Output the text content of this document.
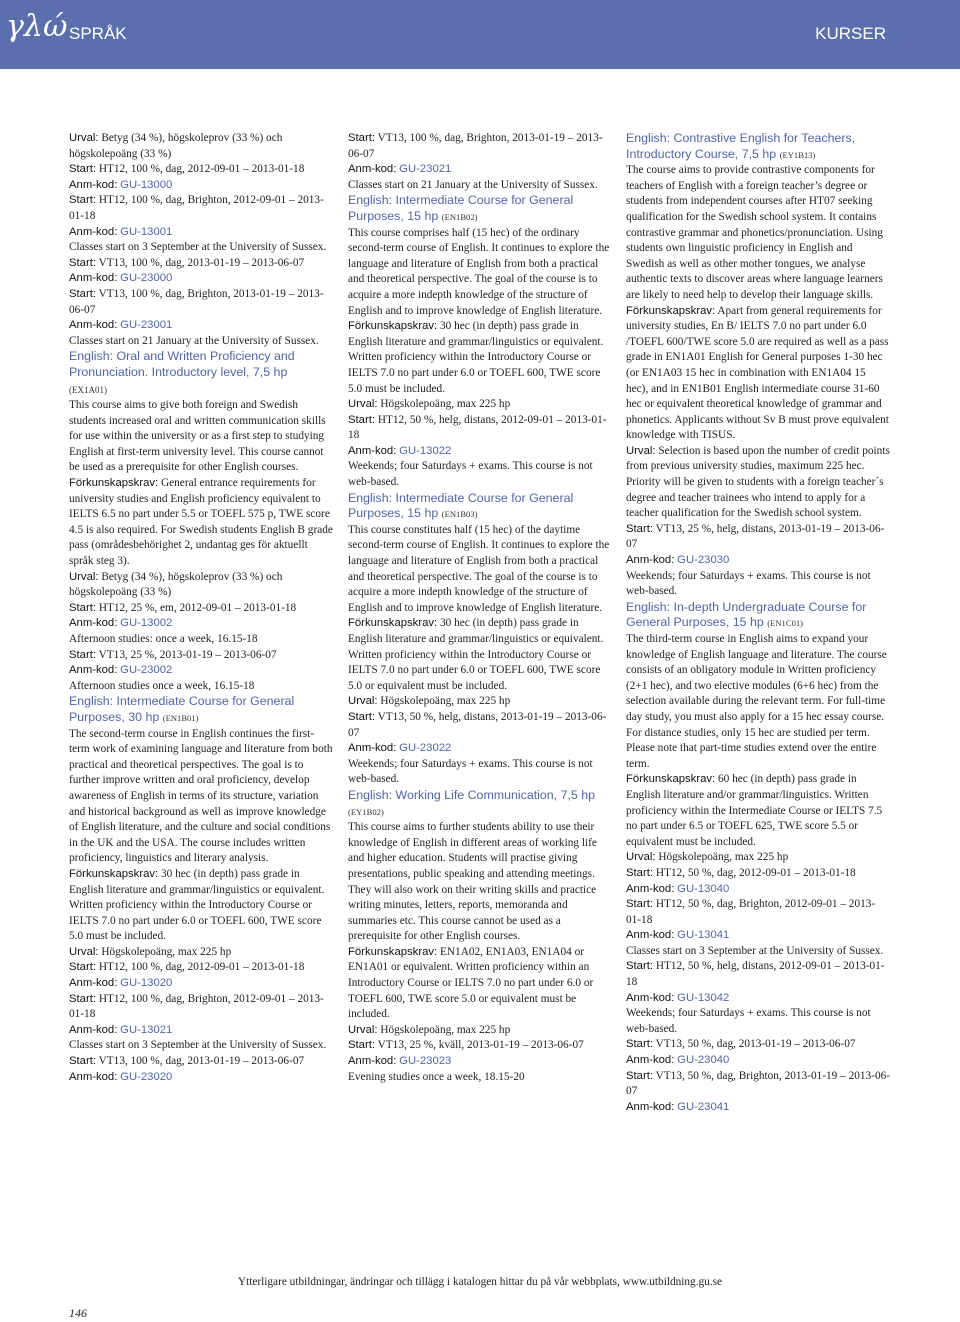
γλώ SPRÅK	KURSER

Urval: Betyg (34 %), högskoleprov (33 %) och högskolepoäng (33 %)

Start: HT12, 100 %, dag, 2012-09-01 – 2013-01-18

Anm-kod: GU-13000

Start: HT12, 100 %, dag, Brighton, 2012-09-01 – 2013-01-18

Anm-kod: GU-13001

Classes start on 3 September at the University of Sussex.

Start: VT13, 100 %, dag, 2013-01-19 – 2013-06-07

Anm-kod: GU-23000

Start: VT13, 100 %, dag, Brighton, 2013-01-19 – 2013-06-07

Anm-kod: GU-23001

Classes start on 21 January at the University of Sussex.

English: Oral and Written Proficiency and Pronunciation. Introductory level, 7,5 hp
(EX1A01)

This course aims to give both foreign and Swedish students increased oral and written communication skills for use within the university or as a first step to studying English at first-term university level. This course cannot be used as a prerequisite for other English courses.

Förkunskapskrav: General entrance requirements for university studies and English proficiency equivalent to IELTS 6.5 no part under 5.5 or TOEFL 575 p, TWE score 4.5 is also required. For Swedish students English B grade pass (områdesbehörighet 2, undantag ges för aktuellt språk steg 3).

Urval: Betyg (34 %), högskoleprov (33 %) och högskolepoäng (33 %)

Start: HT12, 25 %, em, 2012-09-01 – 2013-01-18

Anm-kod: GU-13002

Afternoon studies: once a week, 16.15-18

Start: VT13, 25 %, 2013-01-19 – 2013-06-07

Anm-kod: GU-23002

Afternoon studies once a week, 16.15-18

English: Intermediate Course for General Purposes, 30 hp (EN1B01)

The second-term course in English continues the first-term work of examining language and literature from both practical and theoretical perspectives. The goal is to further improve written and oral proficiency, develop awareness of English in terms of its structure, variation and historical background as well as improve knowledge of English literature, and the culture and social conditions in the UK and the USA. The course includes written proficiency, linguistics and literary analysis.

Förkunskapskrav: 30 hec (in depth) pass grade in English literature and grammar/linguistics or equivalent. Written proficiency within the Introductory Course or IELTS 7.0 no part under 6.0 or TOEFL 600, TWE score 5.0 must be included.

Urval: Högskolepoäng, max 225 hp

Start: HT12, 100 %, dag, 2012-09-01 – 2013-01-18

Anm-kod: GU-13020

Start: HT12, 100 %, dag, Brighton, 2012-09-01 – 2013-01-18

Anm-kod: GU-13021

Classes start on 3 September at the University of Sussex.

Start: VT13, 100 %, dag, 2013-01-19 – 2013-06-07

Anm-kod: GU-23020

Start: VT13, 100 %, dag, Brighton, 2013-01-19 – 2013-06-07

Anm-kod: GU-23021

Classes start on 21 January at the University of Sussex.

English: Intermediate Course for General Purposes, 15 hp (EN1B02)

This course comprises half (15 hec) of the ordinary second-term course of English. It continues to explore the language and literature of English from both a practical and theoretical perspective. The goal of the course is to acquire a more indepth knowledge of the structure of English and to improve knowledge of English literature.

Förkunskapskrav: 30 hec (in depth) pass grade in English literature and grammar/linguistics or equivalent. Written proficiency within the Introductory Course or IELTS 7.0 no part under 6.0 or TOEFL 600, TWE score 5.0 must be included.

Urval: Högskolepoäng, max 225 hp

Start: HT12, 50 %, helg, distans, 2012-09-01 – 2013-01-18

Anm-kod: GU-13022

Weekends; four Saturdays + exams. This course is not web-based.

English: Intermediate Course for General Purposes, 15 hp (EN1B03)

This course constitutes half (15 hec) of the daytime second-term course of English. It continues to explore the language and literature of English from both a practical and theoretical perspective. The goal of the course is to acquire a more indepth knowledge of the structure of English and to improve knowledge of English literature.

Förkunskapskrav: 30 hec (in depth) pass grade in English literature and grammar/linguistics or equivalent. Written proficiency within the Introductory Course or IELTS 7.0 no part under 6.0 or TOEFL 600, TWE score 5.0 or equivalent must be included.

Urval: Högskolepoäng, max 225 hp

Start: VT13, 50 %, helg, distans, 2013-01-19 – 2013-06-07

Anm-kod: GU-23022

Weekends; four Saturdays + exams. This course is not web-based.

English: Working Life Communication, 7,5 hp (EY1B02)

This course aims to further students ability to use their knowledge of English in different areas of working life and higher education. Students will practise giving presentations, public speaking and attending meetings. They will also work on their writing skills and practice writing minutes, letters, reports, memoranda and summaries etc. This course cannot be used as a prerequisite for other English courses.

Förkunskapskrav: EN1A02, EN1A03, EN1A04 or EN1A01 or equivalent. Written proficiency within an Introductory Course or IELTS 7.0 no part under 6.0 or TOEFL 600, TWE score 5.0 or equivalent must be included.

Urval: Högskolepoäng, max 225 hp

Start: VT13, 25 %, kväll, 2013-01-19 – 2013-06-07

Anm-kod: GU-23023

Evening studies once a week, 18.15-20

English: Contrastive English for Teachers, Introductory Course, 7,5 hp (EY1B13)

The course aims to provide contrastive components for teachers of English with a foreign teacher’s degree or students from independent courses after HT07 seeking qualification for the Swedish school system. It contains contrastive grammar and phonetics/pronunciation. Using students own linguistic proficiency in English and Swedish as well as other mother tongues, we analyse authentic texts to discover areas where language learners are likely to need help to develop their language skills.

Förkunskapskrav: Apart from general requirements for university studies, En B/ IELTS 7.0 no part under 6.0 /TOEFL 600/TWE score 5.0 are required as well as a pass grade in EN1A01 English for General purposes 1-30 hec (or EN1A03 15 hec in combination with EN1A04 15 hec), and in EN1B01 English intermediate course 31-60 hec or equivalent theoretical knowledge of grammar and phonetics. Applicants without Sv B must prove equivalent knowledge with TISUS.

Urval: Selection is based upon the number of credit points from previous university studies, maximum 225 hec. Priority will be given to students with a foreign teacher´s degree and teacher trainees who intend to apply for a teacher qualification for the Swedish school system.

Start: VT13, 25 %, helg, distans, 2013-01-19 – 2013-06-07

Anm-kod: GU-23030

Weekends; four Saturdays + exams. This course is not web-based.

English: In-depth Undergraduate Course for General Purposes, 15 hp (EN1C01)

The third-term course in English aims to expand your knowledge of English language and literature. The course consists of an obligatory module in Written proficiency (2+1 hec), and two elective modules (6+6 hec) from the selection available during the relevant term. For full-time day study, you must also apply for a 15 hec essay course. For distance studies, only 15 hec are studied per term. Please note that part-time studies extend over the entire term.

Förkunskapskrav: 60 hec (in depth) pass grade in English literature and/or grammar/linguistics. Written proficiency within the Intermediate Course or IELTS 7.5 no part under 6.5 or TOEFL 625, TWE score 5.5 or equivalent must be included.

Urval: Högskolepoäng, max 225 hp

Start: HT12, 50 %, dag, 2012-09-01 – 2013-01-18

Anm-kod: GU-13040

Start: HT12, 50 %, dag, Brighton, 2012-09-01 – 2013-01-18

Anm-kod: GU-13041

Classes start on 3 September at the University of Sussex.

Start: HT12, 50 %, helg, distans, 2012-09-01 – 2013-01-18

Anm-kod: GU-13042

Weekends; four Saturdays + exams. This course is not web-based.

Start: VT13, 50 %, dag, 2013-01-19 – 2013-06-07

Anm-kod: GU-23040

Start: VT13, 50 %, dag, Brighton, 2013-01-19 – 2013-06-07

Anm-kod: GU-23041

Ytterligare utbildningar, ändringar och tillägg i katalogen hittar du på vår webbplats, www.utbildning.gu.se
146
